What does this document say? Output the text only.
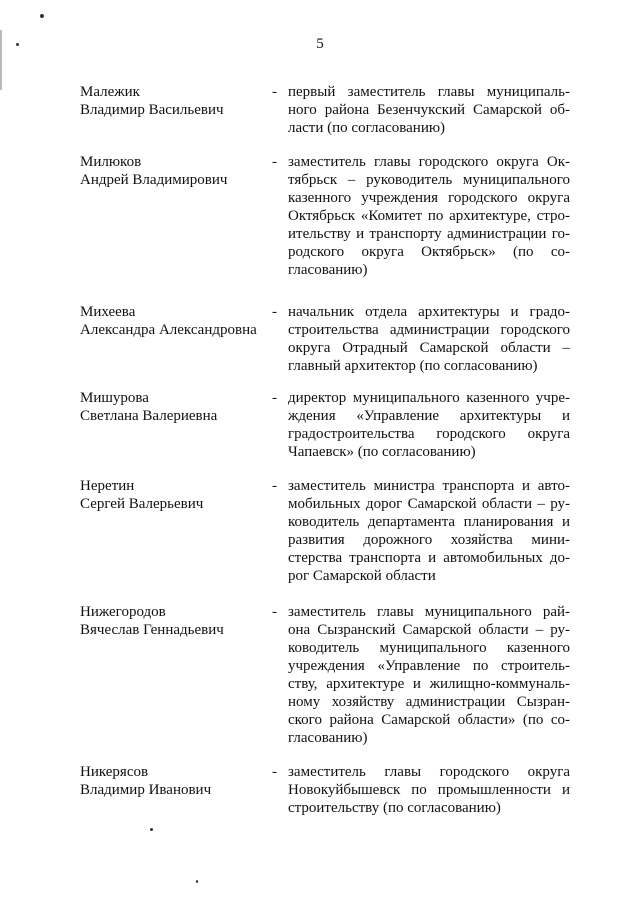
5
Малежик
Владимир Васильевич
- первый заместитель главы муниципаль-ного района Безенчукский Самарской об-ласти (по согласованию)
Милюков
Андрей Владимирович
- заместитель главы городского округа Ок-тябрьск – руководитель муниципального казенного учреждения городского округа Октябрьск «Комитет по архитектуре, стро-ительству и транспорту администрации го-родского округа Октябрьск» (по со-гласованию)
Михеева
Александра Александровна
- начальник отдела архитектуры и градо-строительства администрации городского округа Отрадный Самарской области – главный архитектор (по согласованию)
Мишурова
Светлана Валериевна
- директор муниципального казенного учре-ждения «Управление архитектуры и градостроительства городского округа Чапаевск» (по согласованию)
Неретин
Сергей Валерьевич
- заместитель министра транспорта и авто-мобильных дорог Самарской области – ру-ководитель департамента планирования и развития дорожного хозяйства мини-стерства транспорта и автомобильных до-рог Самарской области
Нижегородов
Вячеслав Геннадьевич
- заместитель главы муниципального рай-она Сызранский Самарской области – ру-ководитель муниципального казенного учреждения «Управление по строитель-ству, архитектуре и жилищно-коммуналь-ному хозяйству администрации Сызран-ского района Самарской области» (по со-гласованию)
Никерясов
Владимир Иванович
- заместитель главы городского округа Новокуйбышевск по промышленности и строительству (по согласованию)
